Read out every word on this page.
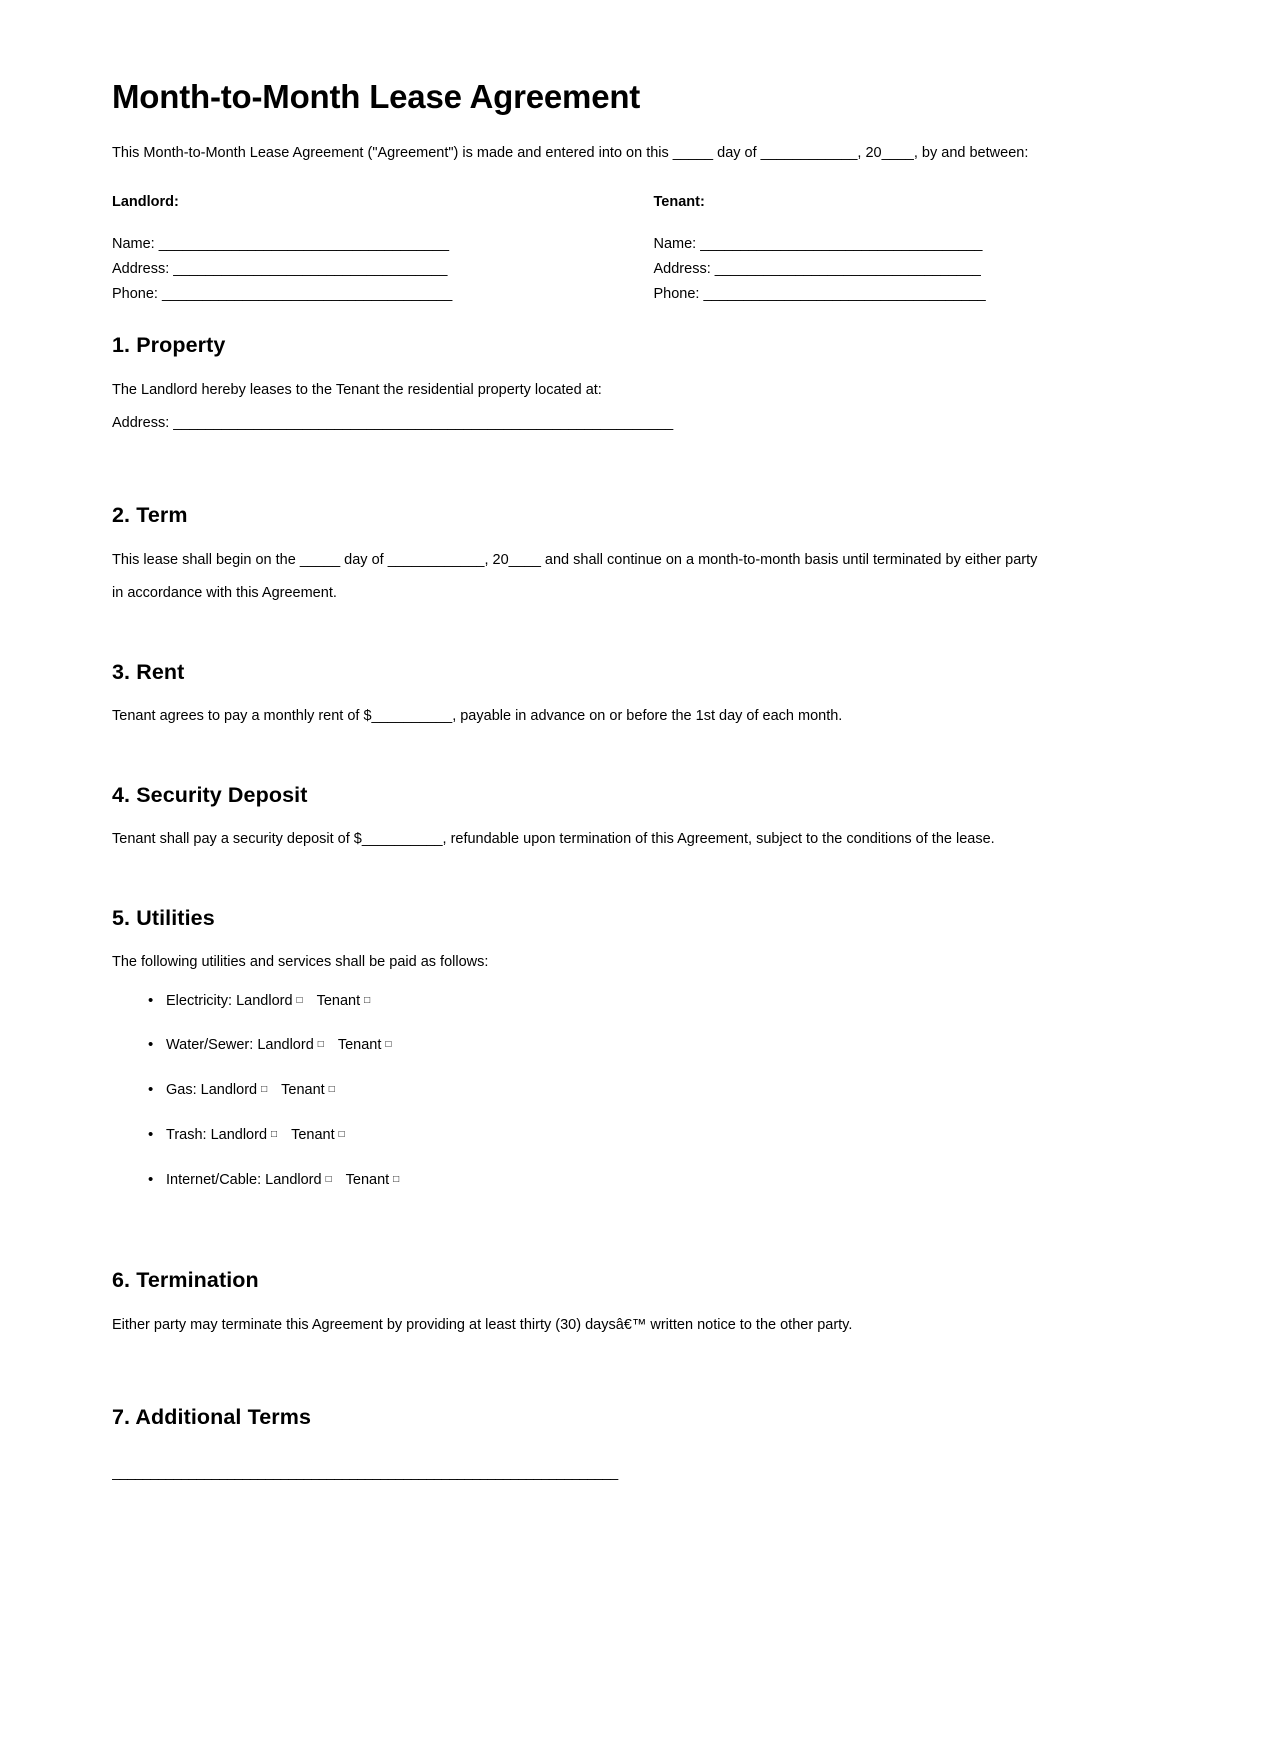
Month-to-Month Lease Agreement

This Month-to-Month Lease Agreement ("Agreement") is made and entered into on this _____ day of ____________, 20____, by and between:

Landlord:
Name: ____________________________________
Address: __________________________________
Phone: ____________________________________
Tenant:
Name: ___________________________________
Address: _________________________________
Phone: ___________________________________
1. Property

The Landlord hereby leases to the Tenant the residential property located at:

Address: ______________________________________________________________

2. Term

This lease shall begin on the _____ day of ____________, 20____ and shall continue on a month-to-month basis until terminated by either party

in accordance with this Agreement.

3. Rent

Tenant agrees to pay a monthly rent of $__________, payable in advance on or before the 1st day of each month.

4. Security Deposit

Tenant shall pay a security deposit of $__________, refundable upon termination of this Agreement, subject to the conditions of the lease.

5. Utilities

The following utilities and services shall be paid as follows:

• Electricity: Landlord □ Tenant □
• Water/Sewer: Landlord □ Tenant □
• Gas: Landlord □ Tenant □
• Trash: Landlord □ Tenant □
• Internet/Cable: Landlord □ Tenant □
6. Termination

Either party may terminate this Agreement by providing at least thirty (30) daysâ€™ written notice to the other party.

7. Additional Terms
__________________________________________________________________
